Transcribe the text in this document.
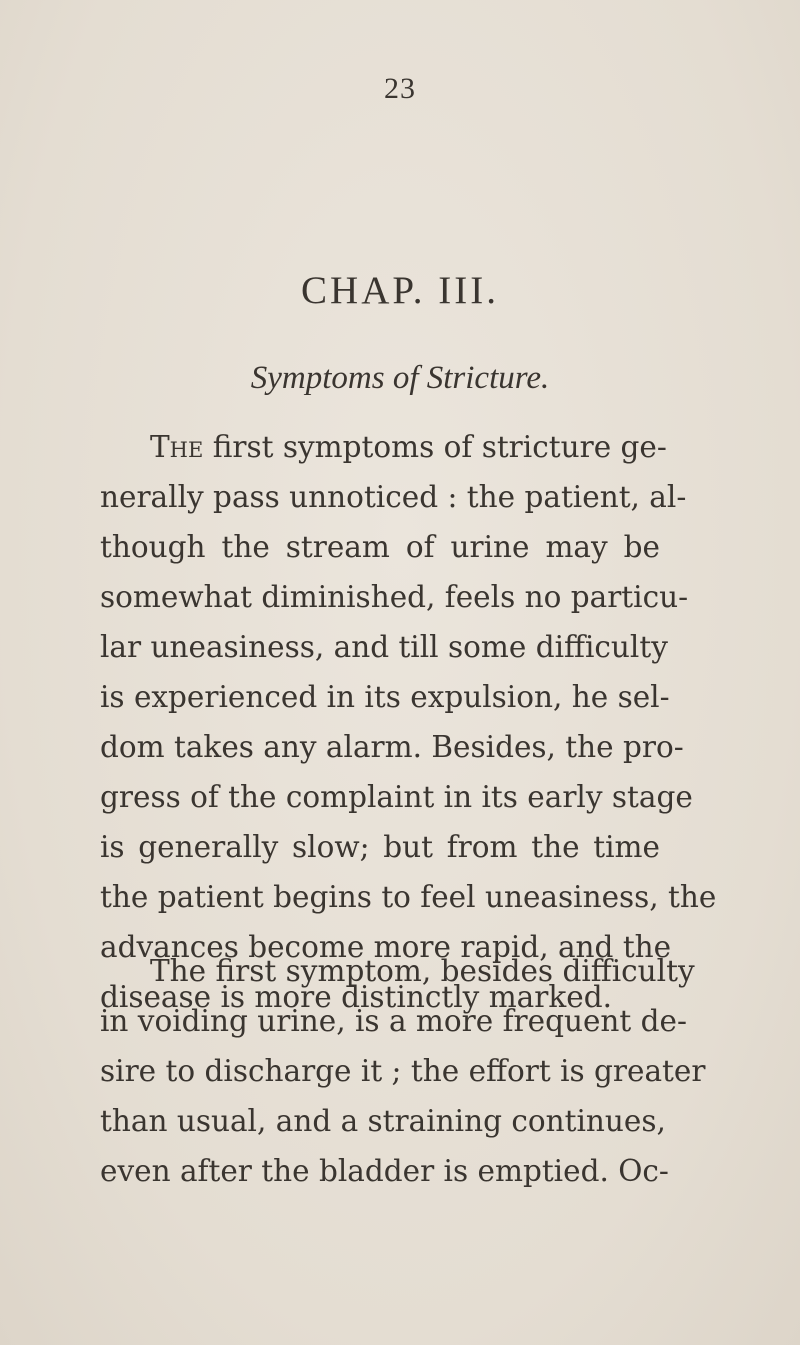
23
CHAP. III.
Symptoms of Stricture.
The first symptoms of stricture ge-
nerally pass unnoticed : the patient, al-
though the stream of urine may be
somewhat diminished, feels no particu-
lar uneasiness, and till some difficulty
is experienced in its expulsion, he sel-
dom takes any alarm. Besides, the pro-
gress of the complaint in its early stage
is generally slow; but from the time
the patient begins to feel uneasiness, the
advances become more rapid, and the
disease is more distinctly marked.
The first symptom, besides difficulty
in voiding urine, is a more frequent de-
sire to discharge it ; the effort is greater
than usual, and a straining continues,
even after the bladder is emptied. Oc-
